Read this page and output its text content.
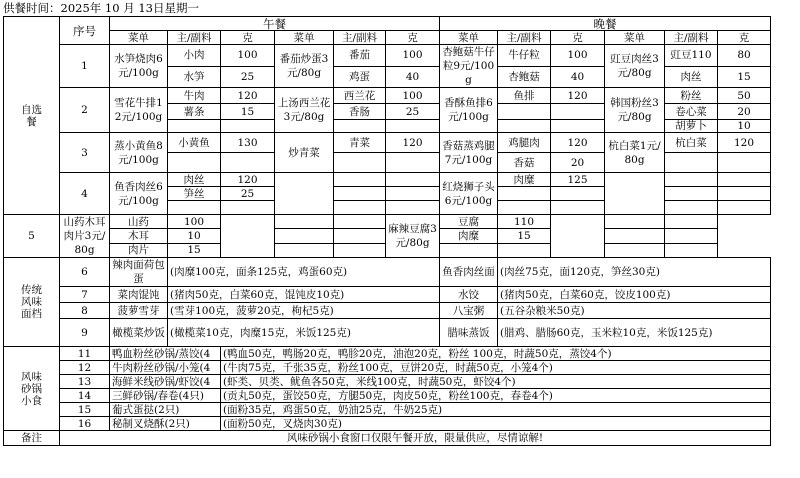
供餐时间：2025年 10 月 13日星期一
自选餐	序号	午餐						晚餐					
		菜单	主/副料	克	菜单	主/副料	克	菜单	主/副料	克	菜单	主/副料	克
	1	水笋烧肉6元/100g	小肉	100	番茄炒蛋3元/80g	番茄	100	杏鲍菇牛仔粒9元/100g	牛仔粒	100	豇豆肉丝3元/80g	豇豆110	80
			水笋	25		鸡蛋	40		杏鲍菇	40		肉丝	15
	2	雪花牛排12元/100g	牛肉	120	上汤西兰花3元/80g	西兰花	100	香酥鱼排6元/100g	鱼排	120	韩国粉丝3元/80g	粉丝	50
			薯条	15		香肠	25					卷心菜	20
												胡萝卜	10
	3	蒸小黄鱼8元/100g	小黄鱼	130	炒青菜	青菜	120	香菇蒸鸡腿7元/100g	鸡腿肉	120	杭白菜1元/80g	杭白菜	120
									香菇	20			
	4	鱼香肉丝6元/100g	肉丝	120				红烧狮子头6元/100g	肉糜	125			
			笋丝	25									

5	山药木耳肉片3元/80g	山药	100				麻辣豆腐3元/80g	豆腐	110				
		木耳	10					肉糜	15				
		肉片	15										
传统风味面档	6	辣肉面荷包蛋	(肉糜100克，面条125克，鸡蛋60克)					鱼香肉丝面	(肉丝75克，面120克，笋丝30克)				
	7	菜肉馄饨	(猪肉50克，白菜60克，馄饨皮10克)					水饺	(猪肉50克，白菜60克，饺皮100克)				
	8	菠萝雪芽	(雪芽100克，菠萝20克，枸杞5克)					八宝粥	(五谷杂粮米50克)				
	9	橄榄菜炒饭	(橄榄菜10克，肉糜15克，米饭125克)					腊味蒸饭	(腊鸡、腊肠60克，玉米粒10克，米饭125克)				
风味砂锅小食	11	鸭血粉丝砂锅/蒸饺(4		(鸭血50克，鸭肠20克，鸭胗20克，油泡20克，粉丝 100克，时蔬50克，蒸饺4个)									
	12	牛肉粉丝砂锅/小笼(4		(牛肉75克，千张35克，粉丝100克，豆饼20克，时蔬50克，小笼4个)									
	13	海鲜米线砂锅/虾饺(4		(虾类、贝类、鱿鱼各50克，米线100克，时蔬50克，虾饺4个)									
	14	三鲜砂锅/春卷(4只)		(贡丸50克，蛋饺50克，方腿50克，肉皮50克，粉丝100克，春卷4个)									
	15	葡式蛋挞(2只)		(面粉35克，鸡蛋50克，奶油25克，牛奶25克)									
	16	秘制叉烧酥(2只)		(面粉50克，叉烧肉30克)									
备注	风味砂锅小食窗口仅限午餐开放，限量供应，尽情谅解!												
